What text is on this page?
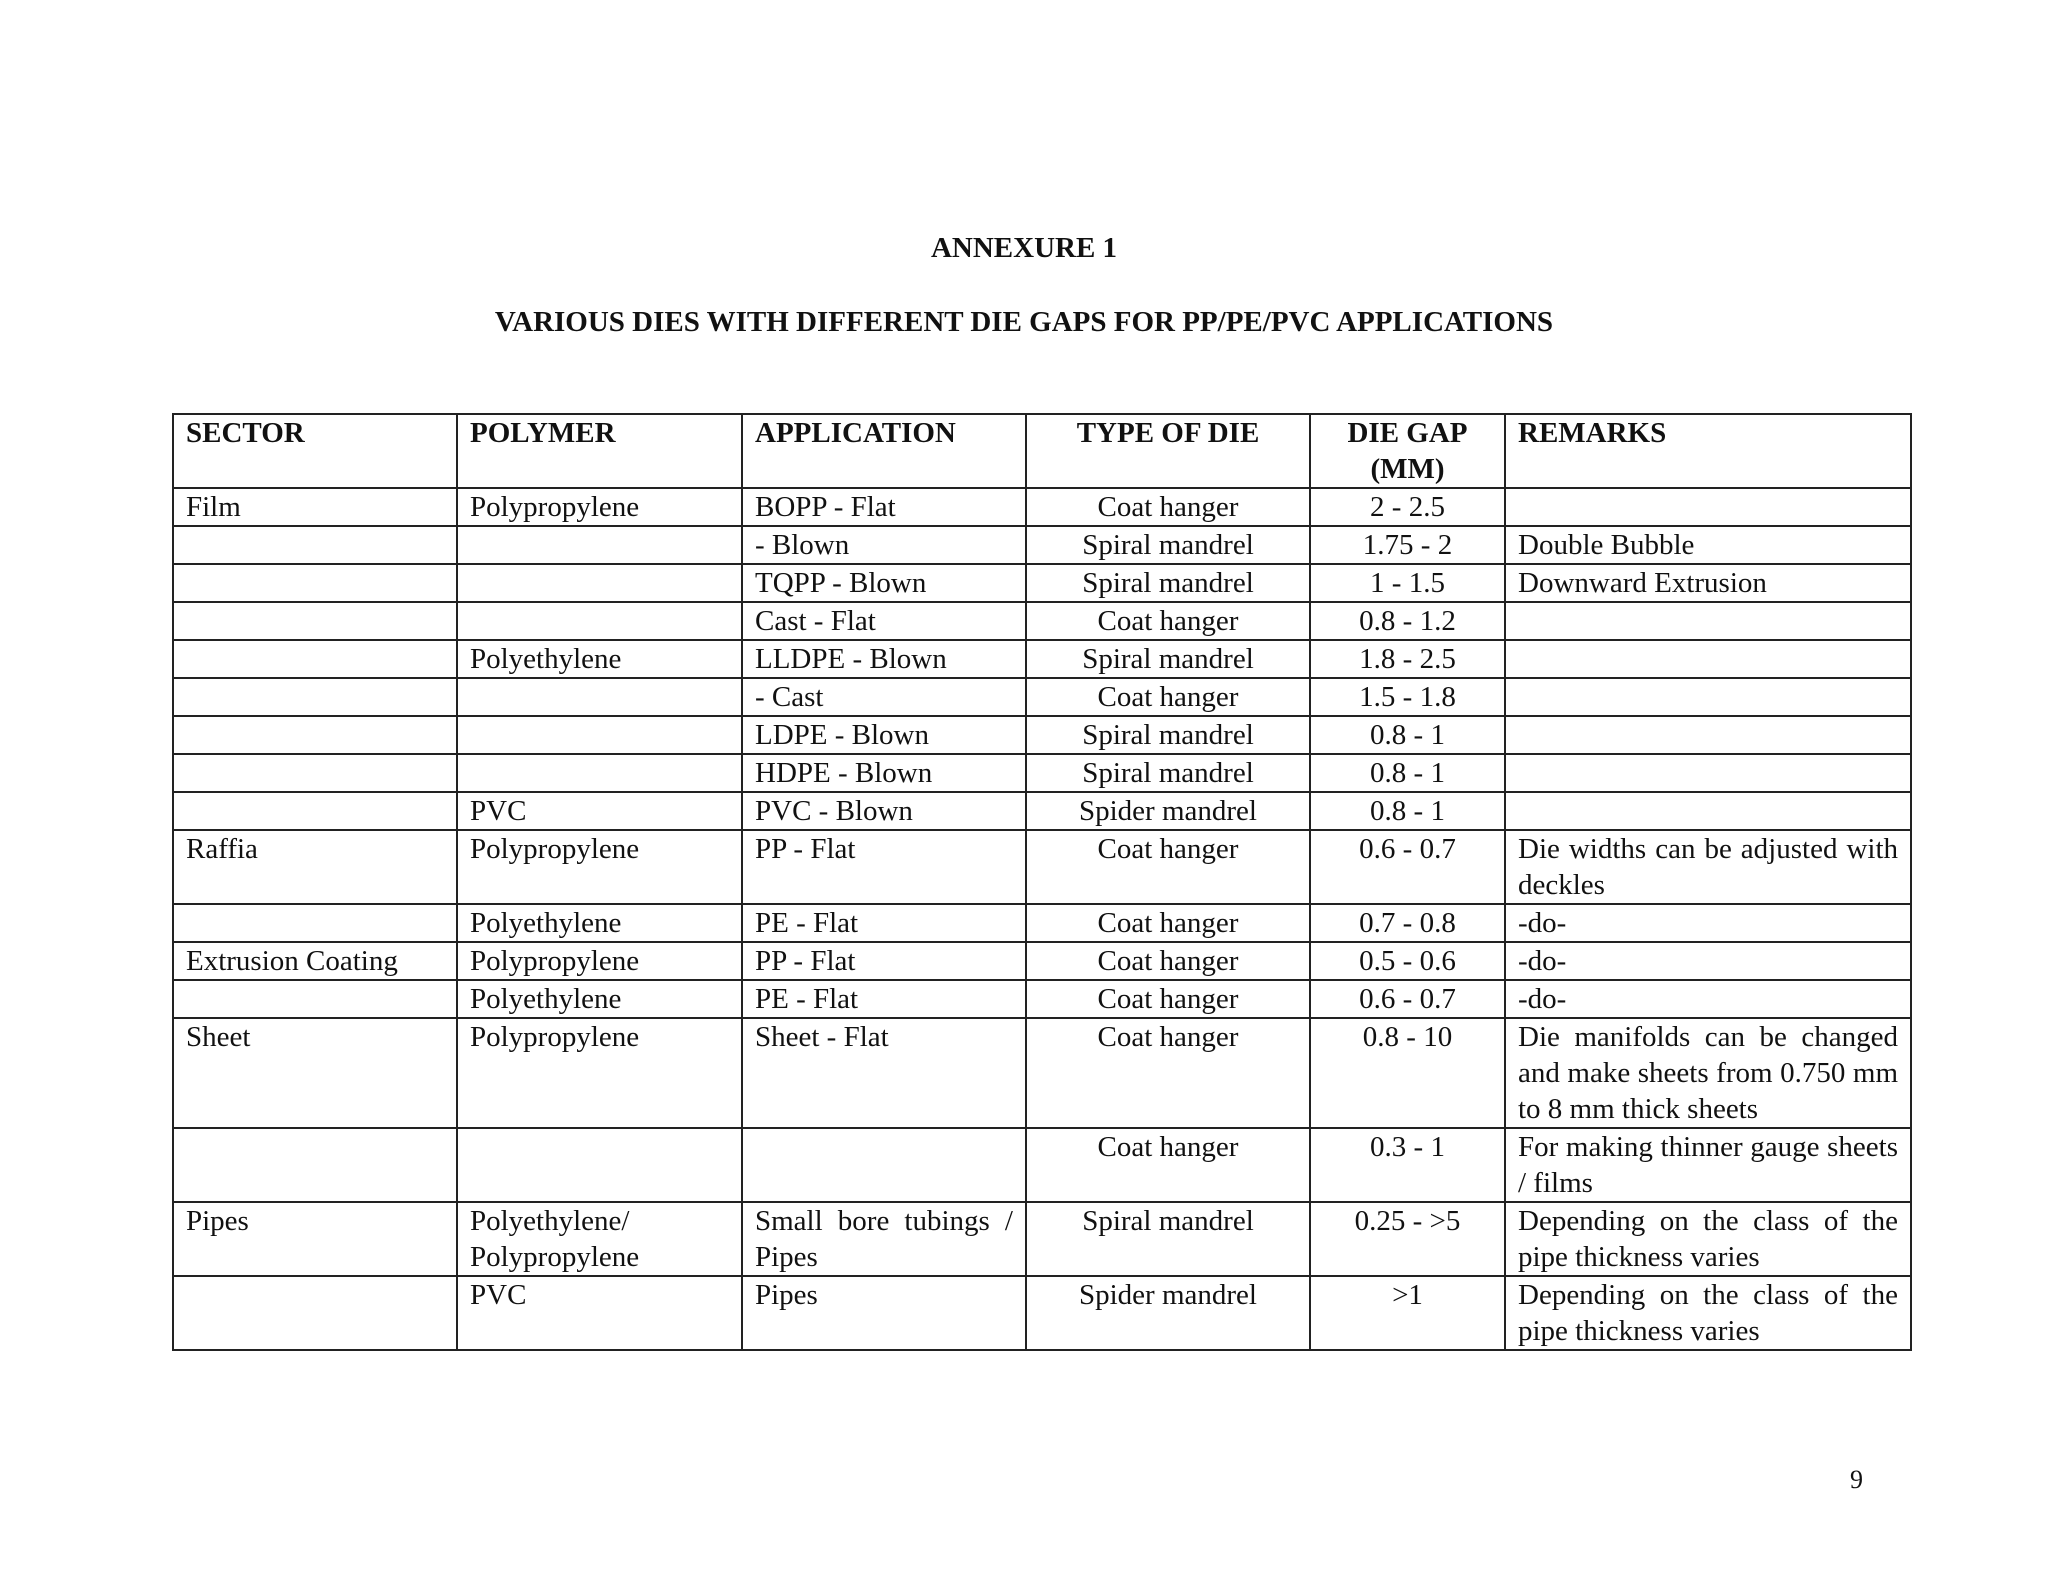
ANNEXURE 1
VARIOUS DIES WITH DIFFERENT DIE GAPS FOR PP/PE/PVC APPLICATIONS
SECTOR	POLYMER	APPLICATION	TYPE OF DIE	DIE GAP (MM)	REMARKS
Film	Polypropylene	BOPP - Flat	Coat hanger	2 - 2.5	
		- Blown	Spiral mandrel	1.75 - 2	Double Bubble
		TQPP - Blown	Spiral mandrel	1 - 1.5	Downward Extrusion
		Cast - Flat	Coat hanger	0.8 - 1.2	
	Polyethylene	LLDPE - Blown	Spiral mandrel	1.8 - 2.5	
		- Cast	Coat hanger	1.5 - 1.8	
		LDPE - Blown	Spiral mandrel	0.8 - 1	
		HDPE - Blown	Spiral mandrel	0.8 - 1	
	PVC	PVC - Blown	Spider mandrel	0.8 - 1	
Raffia	Polypropylene	PP - Flat	Coat hanger	0.6 - 0.7	Die widths can be adjusted with deckles
	Polyethylene	PE - Flat	Coat hanger	0.7 - 0.8	-do-
Extrusion Coating	Polypropylene	PP - Flat	Coat hanger	0.5 - 0.6	-do-
	Polyethylene	PE - Flat	Coat hanger	0.6 - 0.7	-do-
Sheet	Polypropylene	Sheet - Flat	Coat hanger	0.8 - 10	Die manifolds can be changed and make sheets from 0.750 mm to 8 mm thick sheets
			Coat hanger	0.3 - 1	For making thinner gauge sheets / films
Pipes	Polyethylene/ Polypropylene	Small bore tubings / Pipes	Spiral mandrel	0.25 - >5	Depending on the class of the pipe thickness varies
	PVC	Pipes	Spider mandrel	>1	Depending on the class of the pipe thickness varies
9
